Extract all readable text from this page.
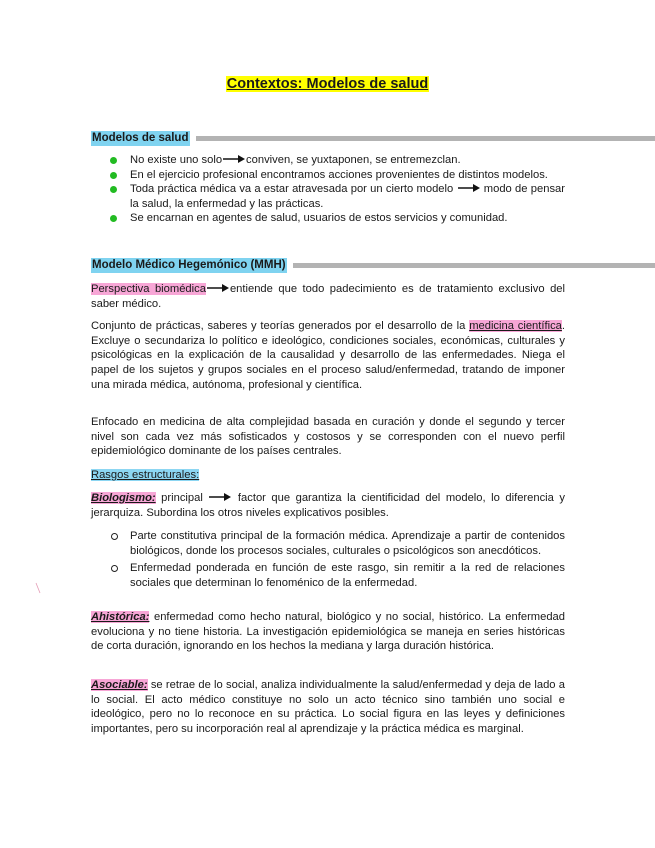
Contextos: Modelos de salud
Modelos de salud
No existe uno solo conviven, se yuxtaponen, se entremezclan.
En el ejercicio profesional encontramos acciones provenientes de distintos modelos.
Toda práctica médica va a estar atravesada por un cierto modelo	modo de pensar la salud, la enfermedad y las prácticas.
Se encarnan en agentes de salud, usuarios de estos servicios y comunidad.
Modelo Médico Hegemónico (MMH)
Perspectiva biomédica entiende que todo padecimiento es de tratamiento exclusivo del saber médico.
Conjunto de prácticas, saberes y teorías generados por el desarrollo de la medicina científica. Excluye o secundariza lo político e ideológico, condiciones sociales, económicas, culturales y psicológicas en la explicación de la causalidad y desarrollo de las enfermedades. Niega el papel de los sujetos y grupos sociales en el proceso salud/enfermedad, tratando de imponer una mirada médica, autónoma, profesional y científica.
Enfocado en medicina de alta complejidad basada en curación y donde el segundo y tercer nivel son cada vez más sofisticados y costosos y se corresponden con el nuevo perfil epidemiológico dominante de los países centrales.
Rasgos estructurales:
Biologismo: principal	factor que garantiza la cientificidad del modelo, lo diferencia y jerarquiza. Subordina los otros niveles explicativos posibles.
Parte constitutiva principal de la formación médica. Aprendizaje a partir de contenidos biológicos, donde los procesos sociales, culturales o psicológicos son anecdóticos.
Enfermedad ponderada en función de este rasgo, sin remitir a la red de relaciones sociales que determinan lo fenoménico de la enfermedad.
Ahistórica: enfermedad como hecho natural, biológico y no social, histórico. La enfermedad evoluciona y no tiene historia. La investigación epidemiológica se maneja en series históricas de corta duración, ignorando en los hechos la mediana y larga duración histórica.
Asociable: se retrae de lo social, analiza individualmente la salud/enfermedad y deja de lado a lo social. El acto médico constituye no solo un acto técnico sino también uno social e ideológico, pero no lo reconoce en su práctica. Lo social figura en las leyes y definiciones importantes, pero su incorporación real al aprendizaje y la práctica médica es marginal.
